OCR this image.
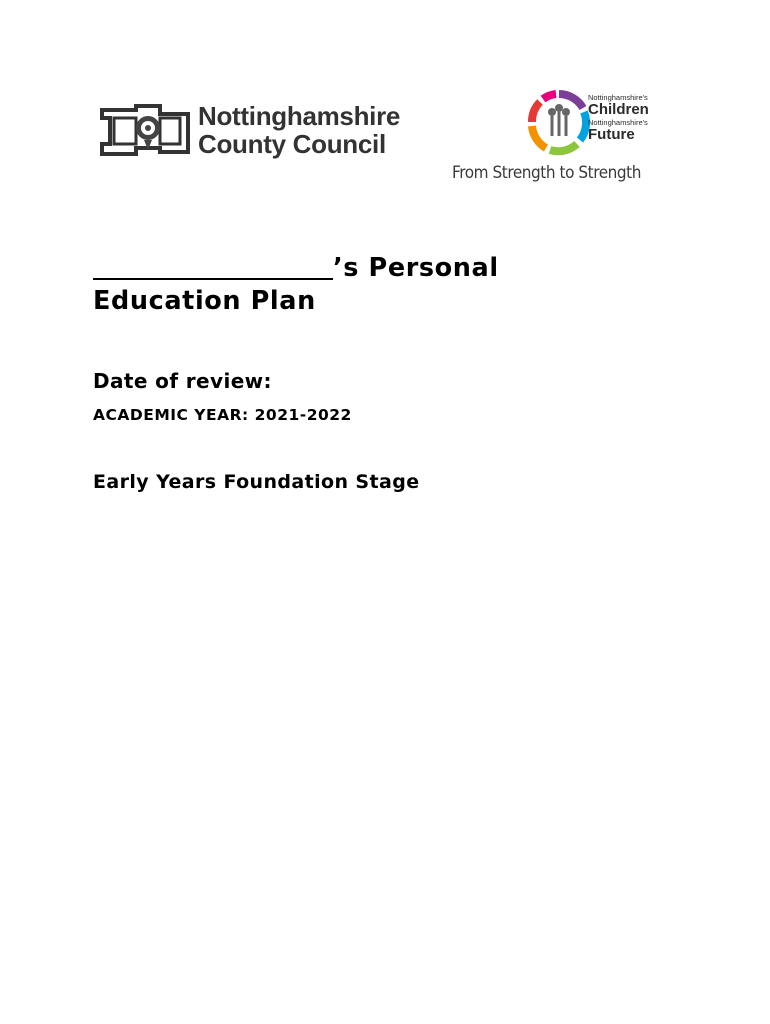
Nottinghamshire
County Council
Nottinghamshire's
Children
Nottinghamshire's
Future
From Strength to Strength
’s Personal
Education Plan
Date of review:

ACADEMIC YEAR: 2021-2022

Early Years Foundation Stage
